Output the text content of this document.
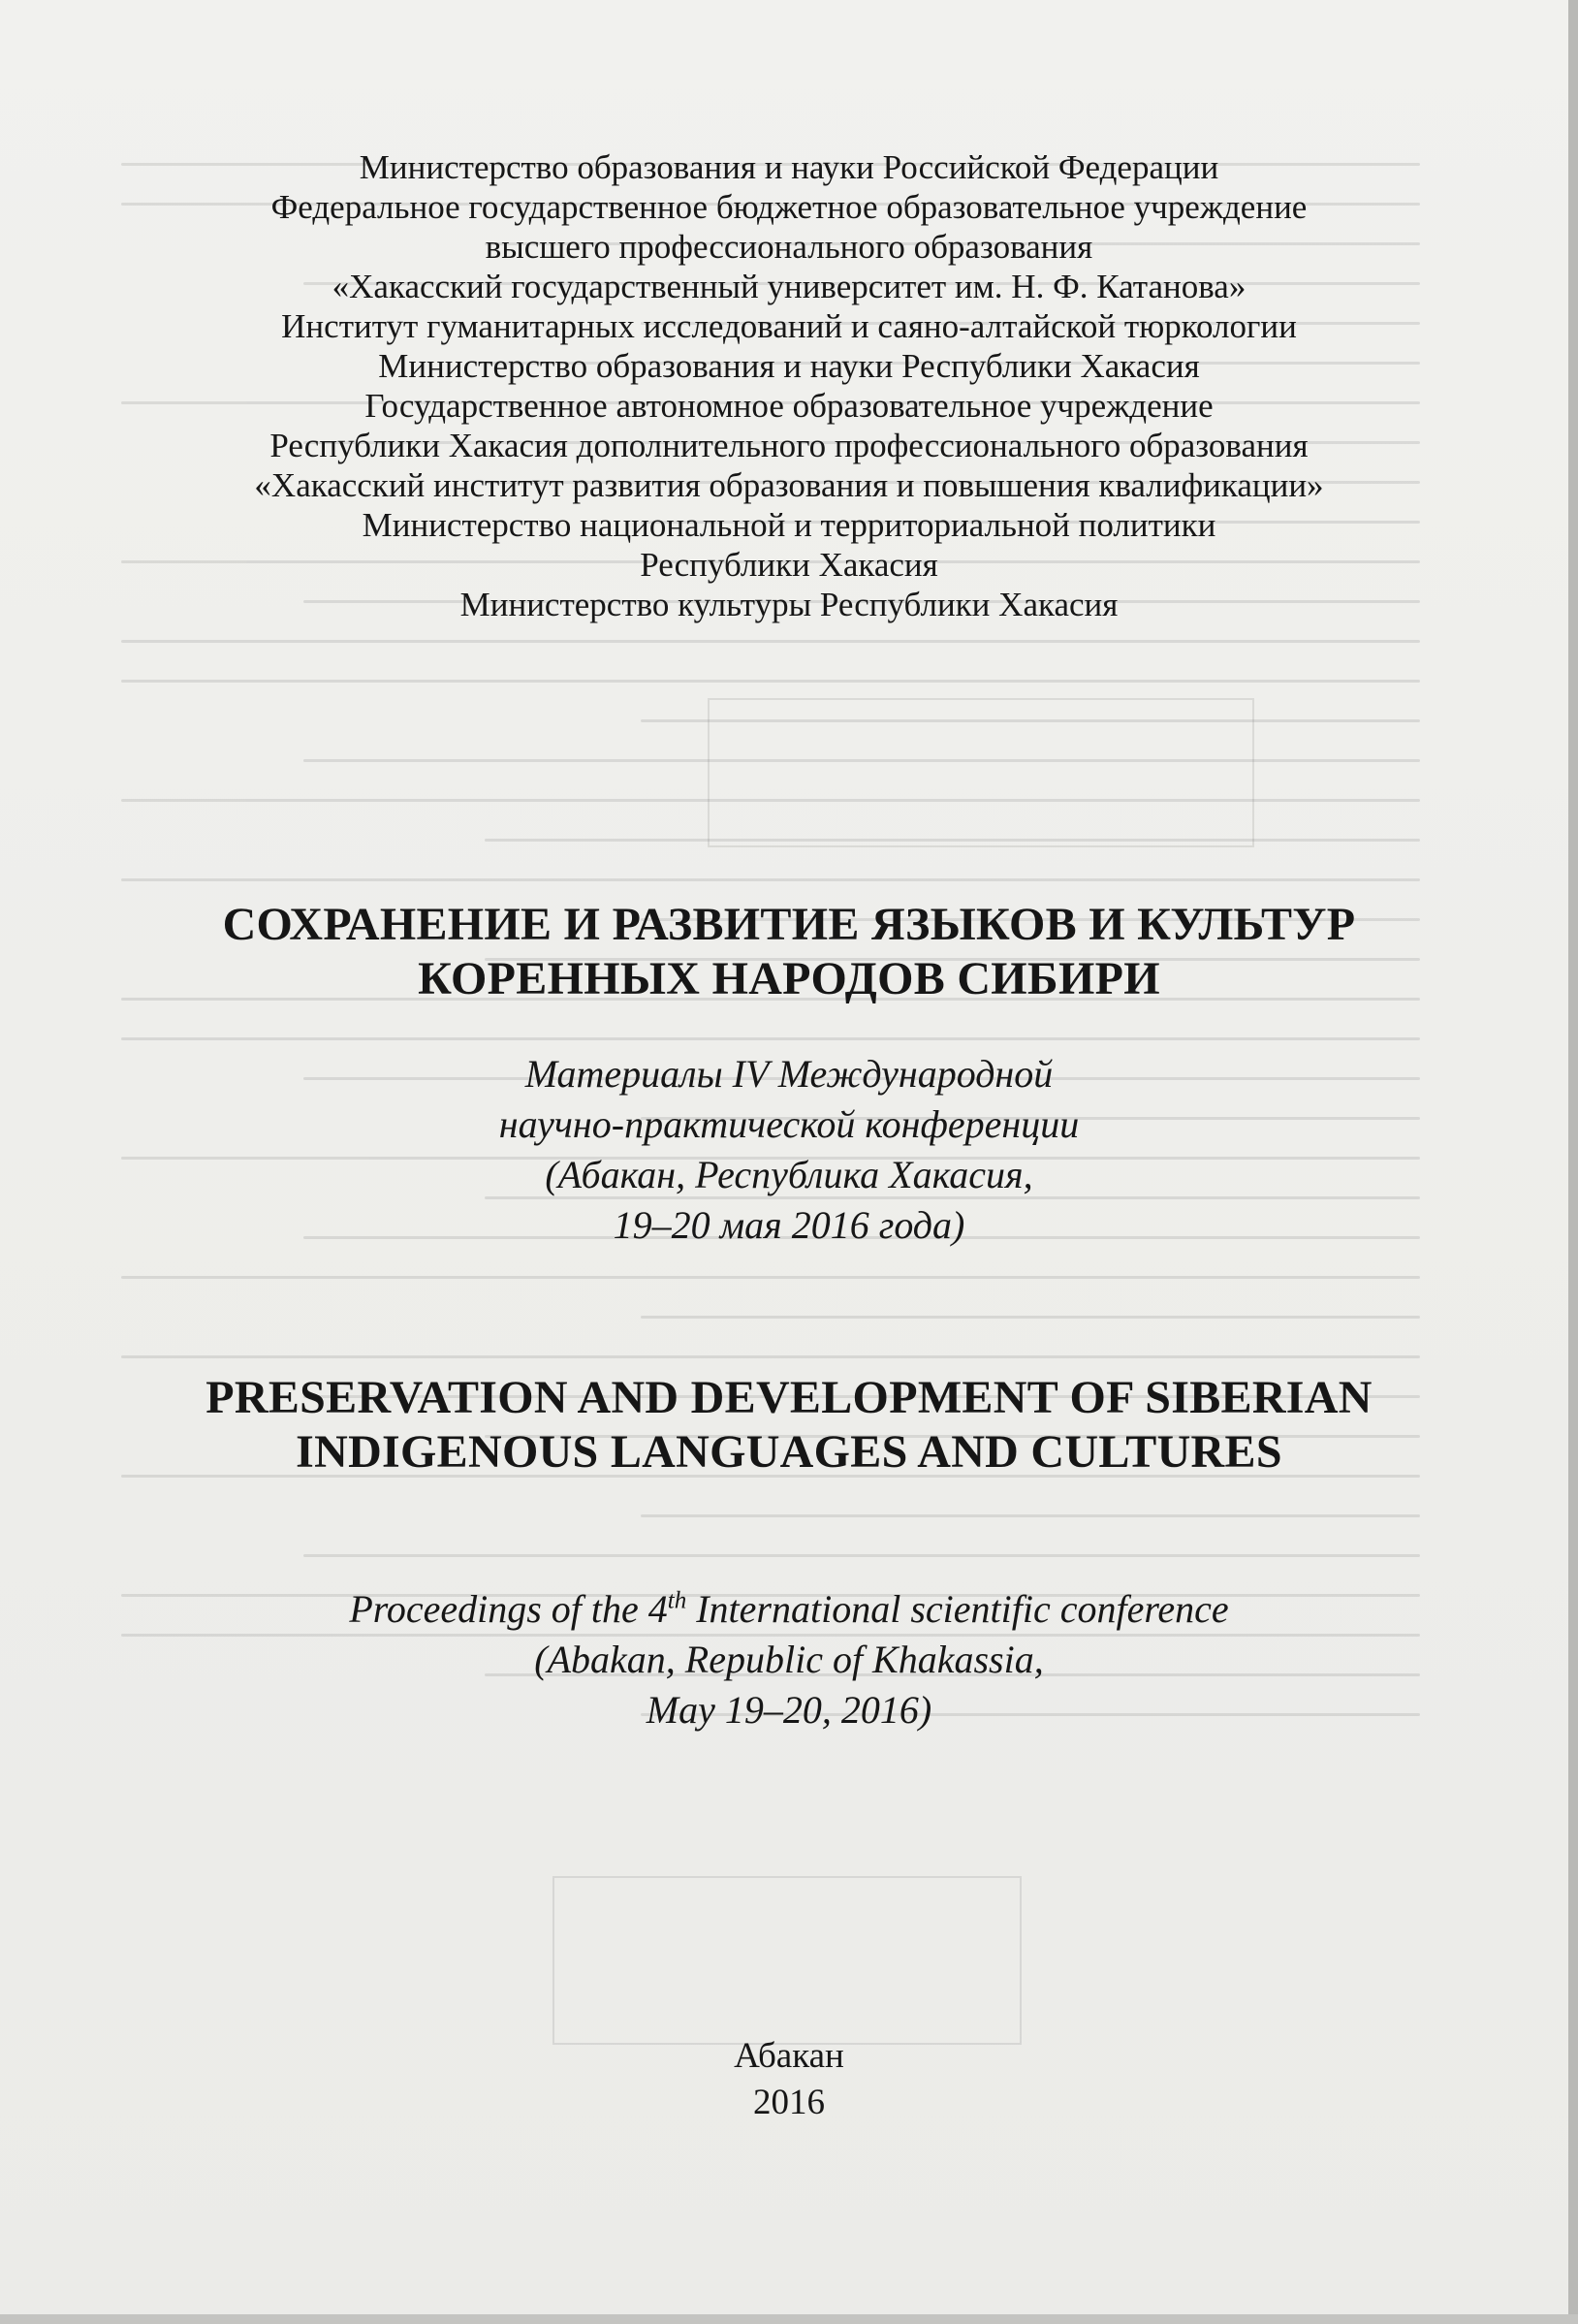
Министерство образования и науки Российской Федерации
Федеральное государственное бюджетное образовательное учреждение
высшего профессионального образования
«Хакасский государственный университет им. Н. Ф. Катанова»
Институт гуманитарных исследований и саяно-алтайской тюркологии
Министерство образования и науки Республики Хакасия
Государственное автономное образовательное учреждение
Республики Хакасия дополнительного профессионального образования
«Хакасский институт развития образования и повышения квалификации»
Министерство национальной и территориальной политики
Республики Хакасия
Министерство культуры Республики Хакасия
СОХРАНЕНИЕ И РАЗВИТИЕ ЯЗЫКОВ И КУЛЬТУР
КОРЕННЫХ НАРОДОВ СИБИРИ
Материалы IV Международной
научно-практической конференции
(Абакан, Республика Хакасия,
19–20 мая 2016 года)
PRESERVATION AND DEVELOPMENT OF SIBERIAN
INDIGENOUS LANGUAGES AND CULTURES
Proceedings of the 4th International scientific conference
(Abakan, Republic of Khakassia,
May 19–20, 2016)
Абакан
2016
